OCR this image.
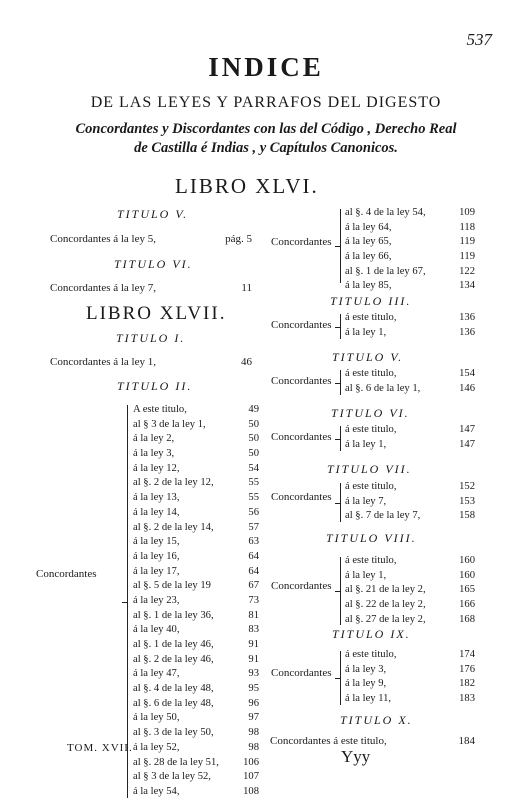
537
INDICE
DE LAS LEYES Y PARRAFOS DEL DIGESTO
Concordantes y Discordantes con las del Código , Derecho Real
de Castilla é Indias , y Capítulos Canonicos.
LIBRO XLVI.
TITULO V.
Concordantes á la ley 5,	pág. 5
TITULO VI.
Concordantes á la ley 7,	11
LIBRO XLVII.
TITULO I.
Concordantes á la ley 1,	46
TITULO II.
Concordantes
A este titulo,	49
al § 3 de la ley 1,	50
á la ley 2,	50
á la ley 3,	50
á la ley 12,	54
al §. 2 de la ley 12,	55
á la ley 13,	55
á la ley 14,	56
al §. 2 de la ley 14,	57
á la ley 15,	63
á la ley 16,	64
á la ley 17,	64
al §. 5 de la ley 19	67
á la ley 23,	73
al §. 1 de la ley 36,	81
á la ley 40,	83
al §. 1 de la ley 46,	91
al §. 2 de la ley 46,	91
á la ley 47,	93
al §. 4 de la ley 48,	95
al §. 6 de la ley 48,	96
á la ley 50,	97
al §. 3 de la ley 50,	98
á la ley 52,	98
al §. 28 de la ley 51,	106
al § 3 de la ley 52,	107
á la ley 54,	108
Concordantes
al §. 4 de la ley 54,	109
á la ley 64,	118
á la ley 65,	119
á la ley 66,	119
al §. 1 de la ley 67,	122
á la ley 85,	134
TITULO III.
Concordantes
á este titulo,	136
á la ley 1,	136
TITULO V.
Concordantes
á este titulo,	154
al §. 6 de la ley 1,	146
TITULO VI.
Concordantes
á este titulo,	147
á la ley 1,	147
TITULO VII.
Concordantes
á este titulo,	152
á la ley 7,	153
al §. 7 de la ley 7,	158
TITULO VIII.
Concordantes
á este titulo,	160
á la ley 1,	160
al §. 21 de la ley 2,	165
al §. 22 de la ley 2,	166
al §. 27 de la ley 2,	168
TITULO IX.
Concordantes
á este titulo,	174
á la ley 3,	176
á la ley 9,	182
á la ley 11,	183
TITULO X.
Concordantes á este titulo,	184
TOM. XVII.	Yyy
